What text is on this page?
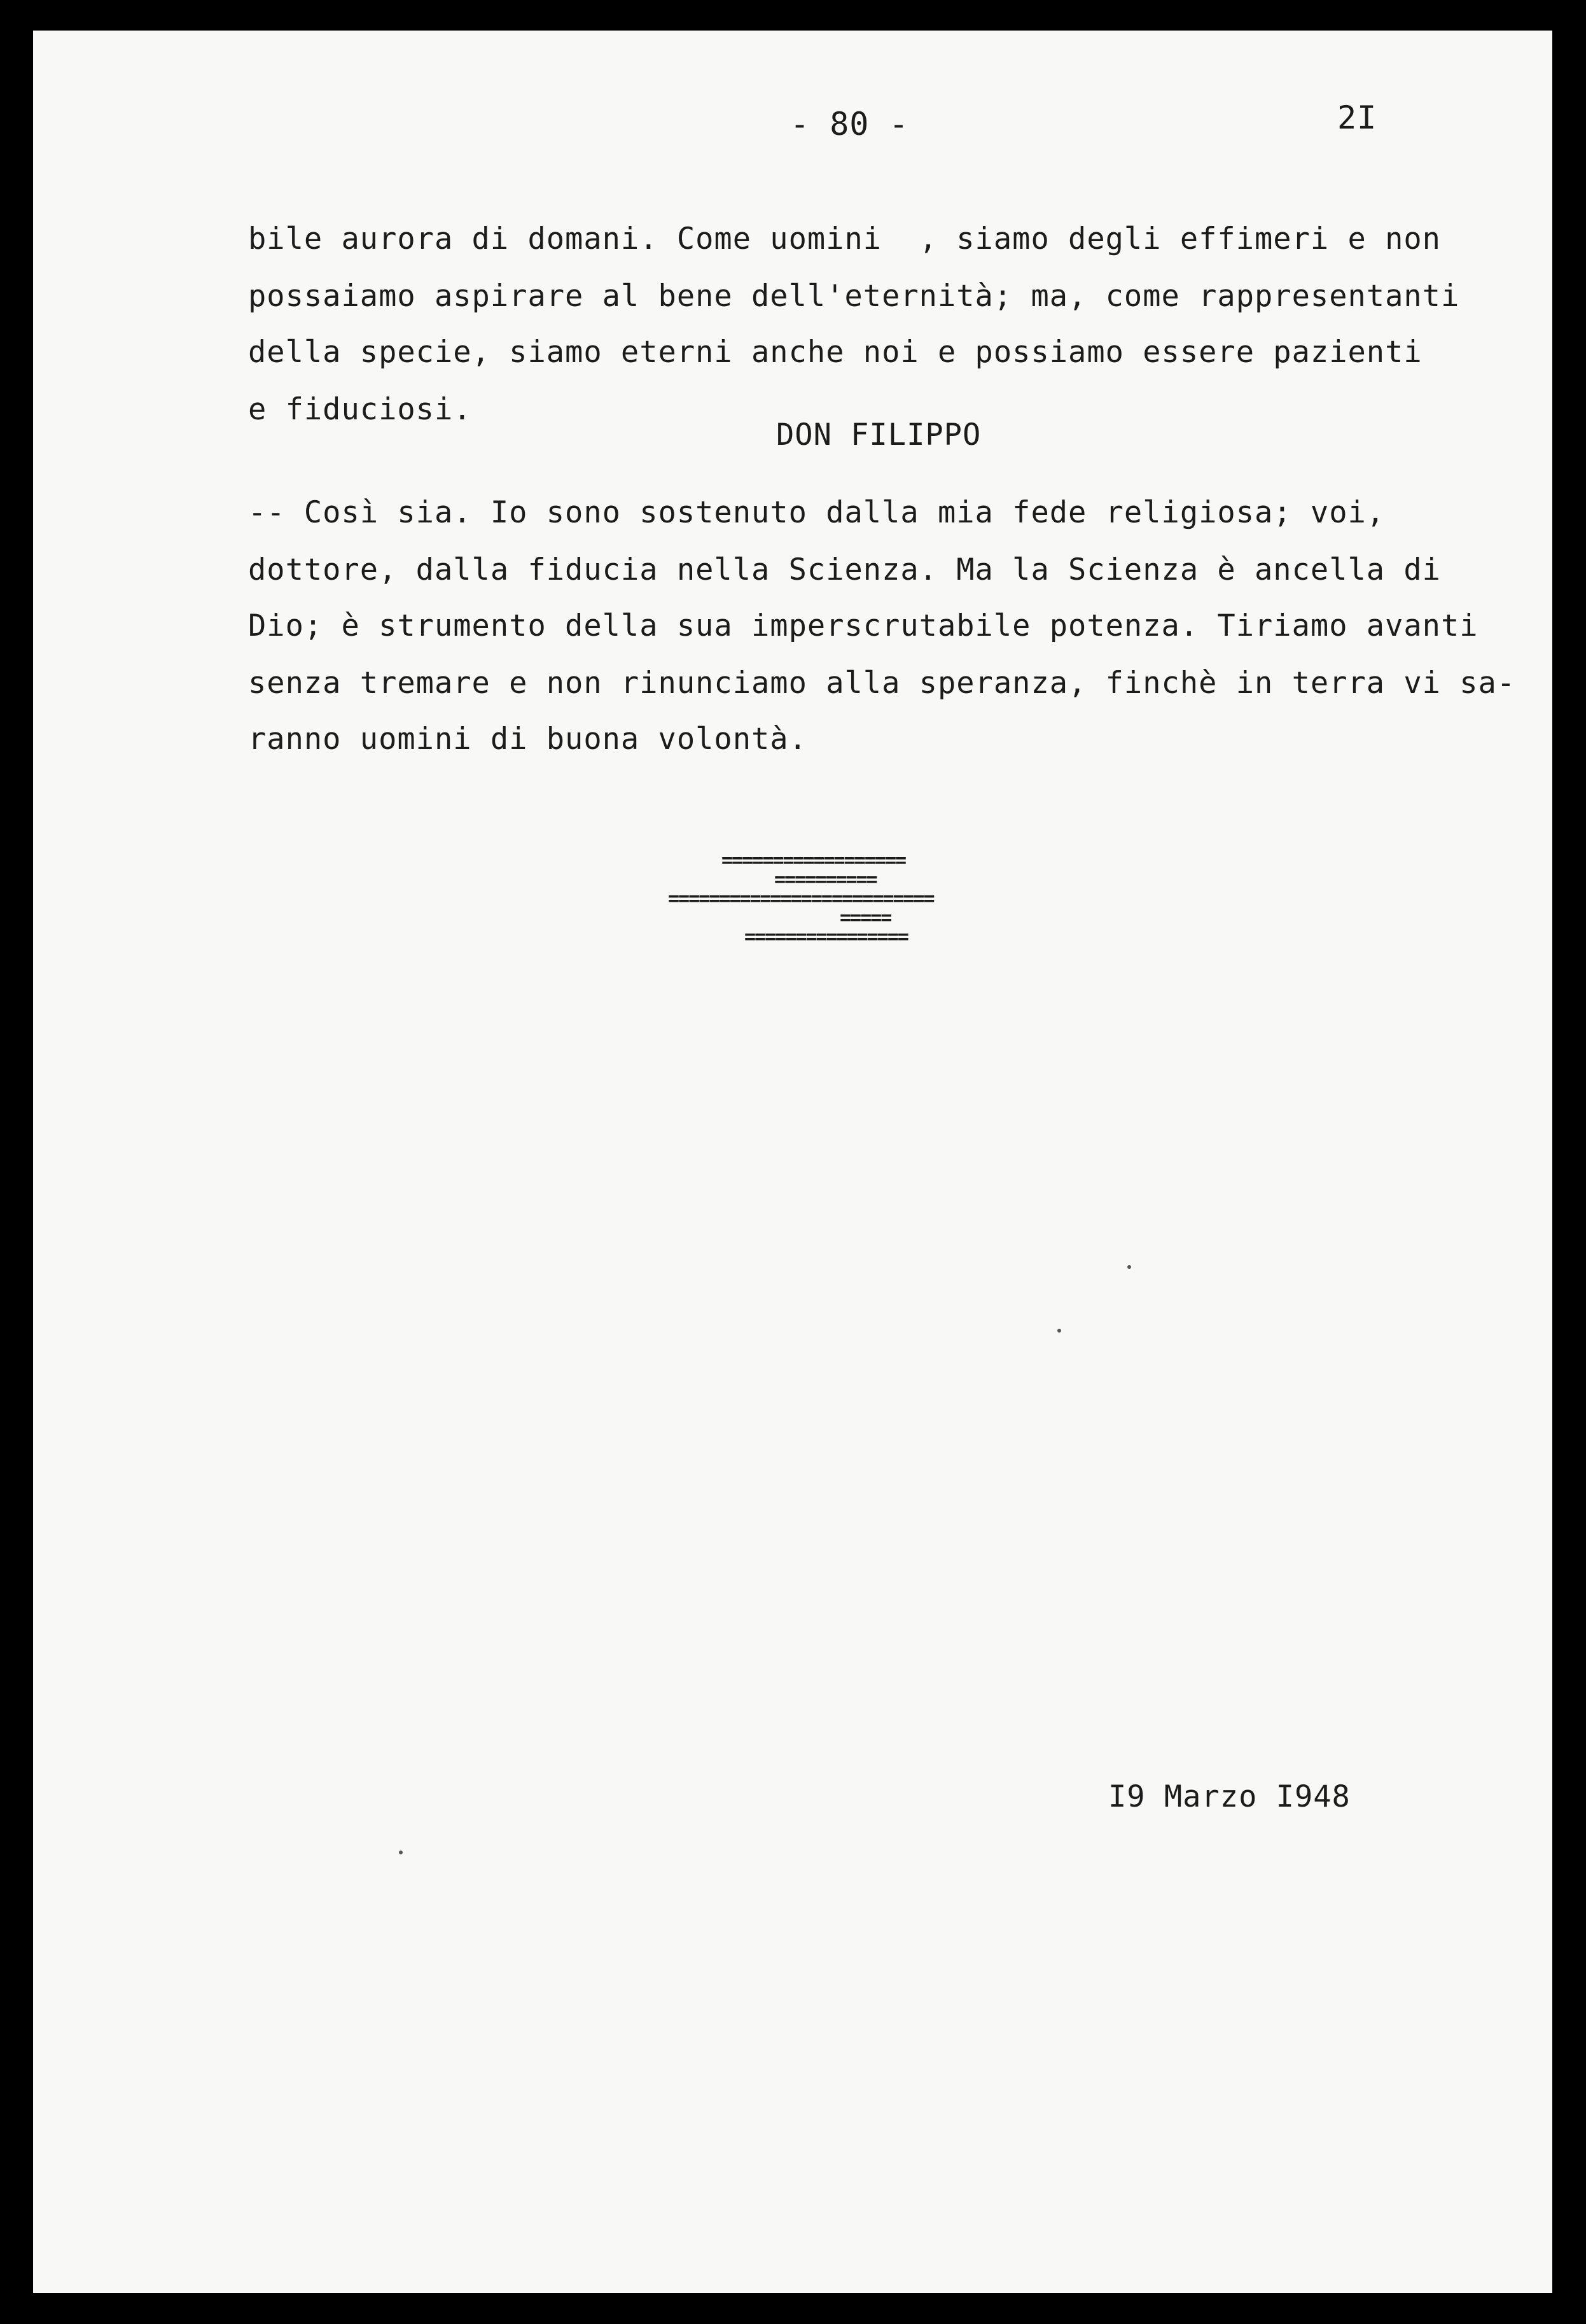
- 80 -	2I
bile aurora di domani. Come uomini  , siamo degli effimeri e non
possaiamo aspirare al bene dell'eternità; ma, come rappresentanti
della specie, siamo eterni anche noi e possiamo essere pazienti
e fiduciosi.
DON FILIPPO
-- Così sia. Io sono sostenuto dalla mia fede religiosa; voi,
dottore, dalla fiducia nella Scienza. Ma la Scienza è ancella di
Dio; è strumento della sua imperscrutabile potenza. Tiriamo avanti
senza tremare e non rinunciamo alla speranza, finchè in terra vi sa-
ranno uomini di buona volontà.
==================
==========
==========================
=====
================
I9 Marzo I948
